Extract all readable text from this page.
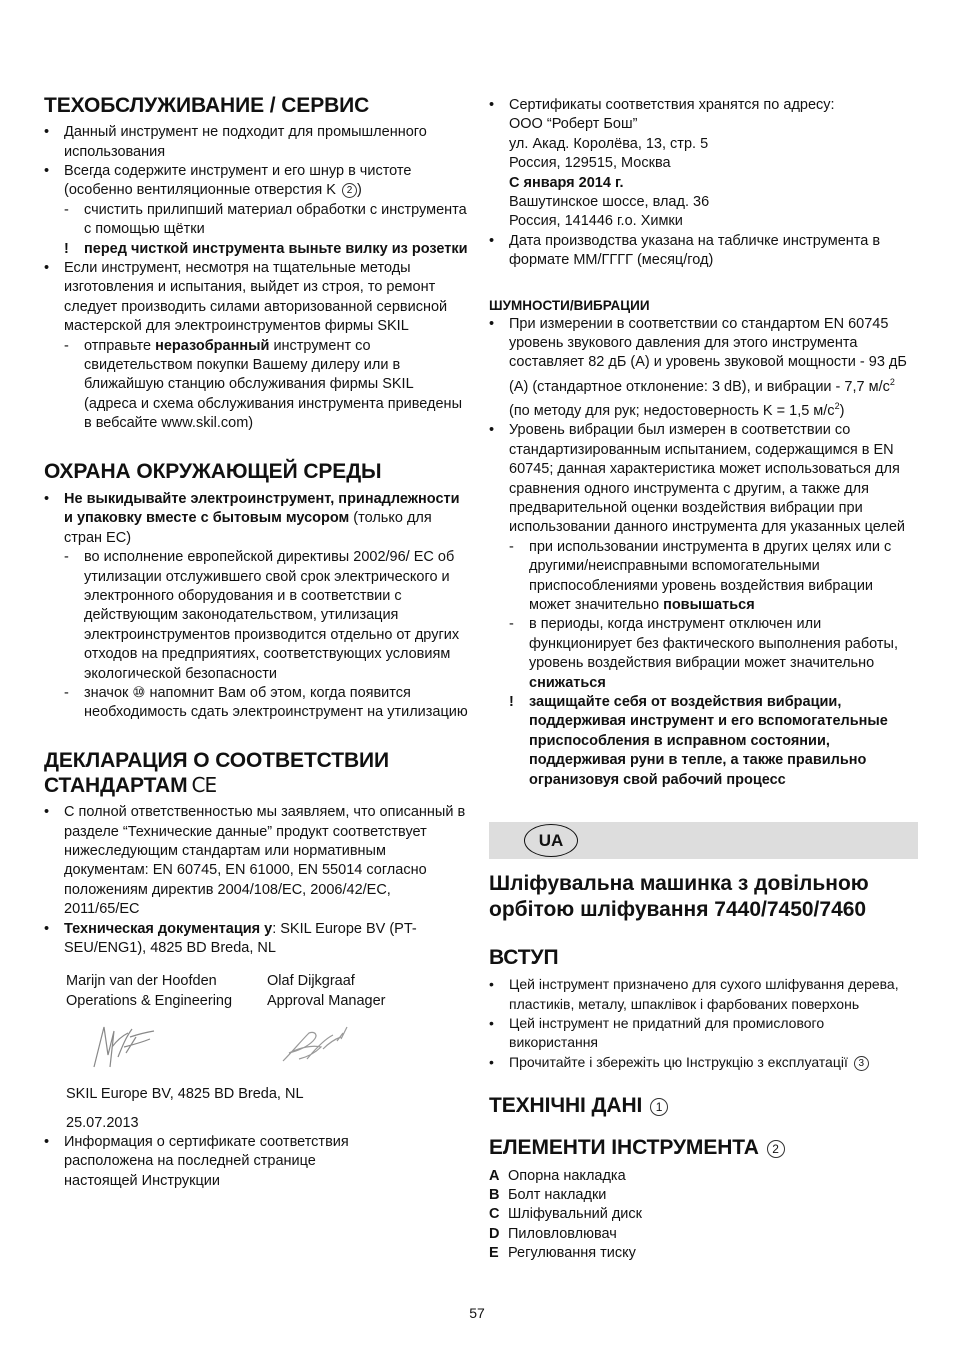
ТЕХОБСЛУЖИВАНИЕ / СЕРВИС
•	Данный инструмент не подходит для промышленного использования
•	Всегда содержите инструмент и его шнур в чистоте (особенно вентиляционные отверстия K 2 )
-	счистить прилипший материал обработки с инструмента с помощью щётки
!	перед чисткой инструмента выньте вилку из розетки
•	Если инструмент, несмотря на тщательные методы изготовления и испытания, выйдет из строя, то ремонт следует производить силами авторизованной сервисной мастерской для электроинструментов фирмы SKIL
-	отправьте неразобранный инструмент со свидетельством покупки Вашему дилеру или в ближайшую станцию обслуживания фирмы SKIL (адреса и схема обслуживания инструмента приведены в вебсайте www.skil.com)
ОХРАНА ОКРУЖАЮЩЕЙ СРЕДЫ
•	Не выкидывайте электроинструмент, принадлежности и упаковку вместе с бытовым мусором (только для стран ЕС)
-	во исполнение европейской директивы 2002/96/ ЕС об утилизации отслужившего свой срок электрического и электронного оборудования и в соответствии с действующим законодательством, утилизация электроинструментов производится отдельно от других отходов на предприятиях, соответствующих условиям экологической безопасности
-	значок ⑩ напомнит Вам об этом, когда появится необходимость сдать электроинструмент на утилизацию
ДЕКЛАРАЦИЯ О СООТВЕТСТВИИ
СТАНДАРТАМ CE
•	С полной ответственностью мы заявляем, что описанный в разделе “Технические данные” продукт соответствует нижеследующим стандартам или нормативным документам: EN 60745, EN 61000, EN 55014 согласно положениям директив 2004/108/EC, 2006/42/EC, 2011/65/EC
•	Техническая документация у: SKIL Europe BV (PT-SEU/ENG1), 4825 BD Breda, NL
Marijn van der Hoofden
Operations & Engineering
Olaf Dijkgraaf
Approval Manager
SKIL Europe BV, 4825 BD Breda, NL
25.07.2013
•	Информация о сертификате соответствия расположена на последней странице настоящей Инструкции
•	Сертификаты соответствия хранятся по адресу:
ООО “Роберт Бош”
ул. Акад. Королёва, 13, стр. 5
Россия, 129515, Москва
С января 2014 г.
Вашутинское шоссе, влад. 36
Россия, 141446 г.о. Химки
•	Дата производства указана на табличке инструмента в формате ММ/ГГГГ (месяц/год)
ШУМНОСТИ/ВИБРАЦИИ
•	При измерении в соответствии со стандартом EN 60745 уровень звукового давления для этого инструмента составляет 82 дБ (A) и уровень звуковой мощности - 93 дБ (A) (стандартное отклонение: 3 dB), и вибрации - 7,7 $м/с^2$ (по методу для рук; недостоверность K = 1,5 $м/с^2$)
•	Уровень вибрации был измерен в соответствии со стандартизированным испытанием, содержащимся в EN 60745; данная характеристика может использоваться для сравнения одного инструмента с другим, а также для предварительной оценки воздействия вибрации при использовании данного инструмента для указанных целей
-	при использовании инструмента в других целях или с другими/неисправными вспомогательными приспособлениями уровень воздействия вибрации может значительно повышаться
-	в периоды, когда инструмент отключен или функционирует без фактического выполнения работы, уровень воздействия вибрации может значительно снижаться
!	защищайте себя от воздействия вибрации, поддерживая инструмент и его вспомогательные приспособления в исправном состоянии, поддерживая руни в тепле, а также правильно огранизовуя свой рабочий процесс
UA
Шліфувальна машинка з довільною орбітою шліфування 7440/7450/7460
ВСТУП
•	Цей інструмент призначено для сухого шліфування дерева, пластиків, металу, шпаклівок і фарбованих поверхонь
•	Цей інструмент не придатний для промислового використання
•	Прочитайте і збережіть цю Інструкцію з експлуатації 3
ТЕХНІЧНІ ДАНІ 1
ЕЛЕМЕНТИ ІНСТРУМЕНТА 2
A Опорна накладка
B Болт накладки
C Шліфувальний диск
D Пиловловлювач
E Регулювання тиску
57
